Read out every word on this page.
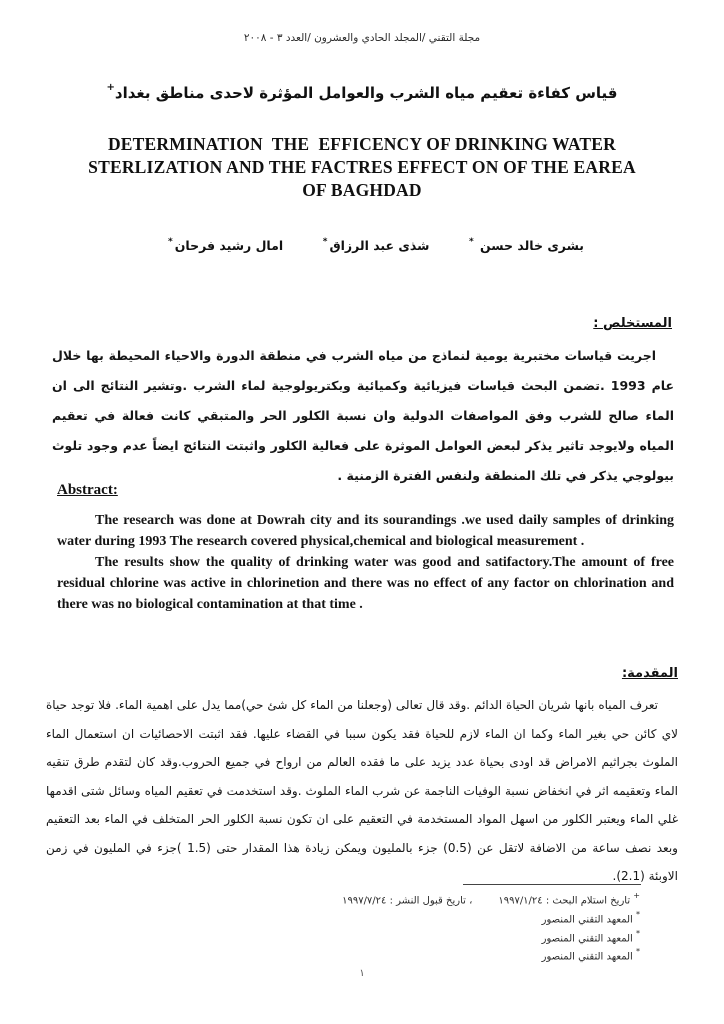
مجلة التقني /المجلد الحادي والعشرون /العدد ٣ - ٢٠٠٨
قياس كفاءة تعقيم مياه الشرب والعوامل المؤثرة لاحدى مناطق بغداد+
DETERMINATION  THE  EFFICENCY OF DRINKING WATER
STERLIZATION AND THE FACTRES EFFECT ON OF THE EAREA
OF BAGHDAD
بشرى خالد حسن *
شذى عبد الرزاق*
امال رشيد فرحان*
المستخلص :

اجريت قياسات مختبرية يومية لنماذج من مياه الشرب في منطقة الدورة والاحياء المحيطة بها خلال عام 1993 .تضمن البحث قياسات فيزيائية وكميائية وبكتريولوجية لماء الشرب .وتشير النتائج الى ان الماء صالح للشرب وفق المواصفات الدولية وان نسبة الكلور الحر والمتبقي كانت فعالة في تعقيم المياه ولايوجد تاثير يذكر لبعض العوامل الموثرة على فعالية الكلور واثبتت النتائج ايضاً عدم وجود تلوث بيولوجي يذكر في تلك المنطقة ولنفس الفترة الزمنية .

Abstract:

The research was done at Dowrah city and its sourandings .we used daily samples of drinking water during 1993 The research covered physical,chemical and biological measurement .

The results show the quality of drinking water was good and satifactory.The amount of free residual chlorine was active in chlorinetion and there was no effect of any factor on chlorination and there was no biological contamination at that time .

المقدمة:

تعرف المياه بانها شريان الحياة الدائم .وقد قال تعالى (وجعلنا من الماء كل شئ حي)مما يدل على اهمية الماء. فلا توجد حياة لاي كائن حي بغير الماء وكما ان الماء لازم للحياة فقد يكون سببا في القضاء عليها. فقد اثبتت الاحصائيات ان استعمال الماء الملوث بجراثيم الامراض قد اودى بحياة عدد يزيد على ما فقده العالم من ارواح في جميع الحروب.وقد كان لتقدم طرق تنقيه الماء وتعقيمه اثر في انخفاض نسبة الوفيات الناجمة عن شرب الماء الملوث .وقد استخدمت في تعقيم المياه وسائل شتى اقدمها غلي الماء ويعتبر الكلور من اسهل المواد المستخدمة في التعقيم على ان تكون نسبة الكلور الحر المتخلف في الماء بعد التعقيم وبعد نصف ساعة من الاضافة لاتقل عن (0.5) جزء بالمليون ويمكن زيادة هذا المقدار حتى (1.5 )جزء في المليون في زمن الاوبئة (2.1).

+ تاريخ استلام البحث : ١٩٩٧/١/٢٤، تاريخ قبول النشر : ١٩٩٧/٧/٢٤
* المعهد التقني المنصور
* المعهد التقني المنصور
* المعهد التقني المنصور
١
